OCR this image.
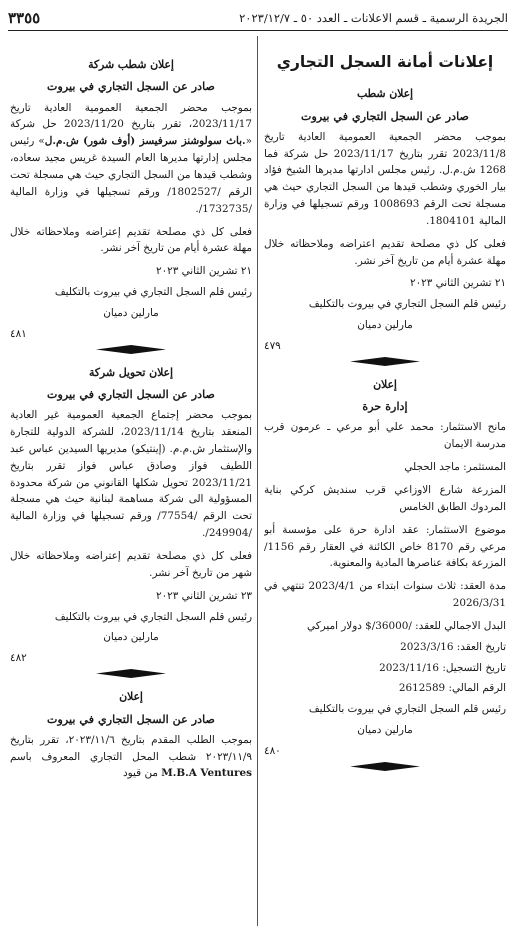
الجريدة الرسمية ـ قسم الاعلانات ـ العدد ٥٠ ـ ٢٠٢٣/١٢/٧
٣٣٥٥
إعلانات أمانة السجل التجاري

إعلان شطب

صادر عن السجل التجاري في بيروت

بموجب محضر الجمعية العمومية العادية تاريخ 2023/11/8 تقرر بتاريخ 2023/11/17 حل شركة فما 1268 ش.م.ل. رئيس مجلس ادارتها مديرها الشيخ فؤاد بيار الخوري وشطب قيدها من السجل التجاري حيث هي مسجلة تحت الرقم 1008693 ورقم تسجيلها في وزارة المالية 1804101.

فعلى كل ذي مصلحة تقديم اعتراضه وملاحظاته خلال مهلة عشرة أيام من تاريخ آخر نشر.

٢١ تشرين الثاني ٢٠٢٣

رئيس قلم السجل التجاري في بيروت بالتكليف

مارلين دميان

٤٧٩

إعلان

إدارة حرة

مانح الاستثمار: محمد علي أبو مرعي ـ عرمون قرب مدرسة الايمان

المستثمر: ماجد الحجلي

المزرعة شارع الاوزاعي قرب سنديش كركي بناية المردوك الطابق الخامس

موضوع الاستثمار: عقد ادارة حرة على مؤسسة أبو مرعي رقم 8170 خاص الكائنة في العقار رقم 1156/ المزرعة بكافة عناصرها المادية والمعنوية.

مدة العقد: ثلاث سنوات ابتداء من 2023/4/1 تنتهي في 2026/3/31

البدل الاجمالي للعقد: /36000/$ دولار اميركي

تاريخ العقد: 2023/3/16

تاريخ التسجيل: 2023/11/16

الرقم المالي: 2612589

رئيس قلم السجل التجاري في بيروت بالتكليف

مارلين دميان

٤٨٠

إعلان شطب شركة

صادر عن السجل التجاري في بيروت

بموجب محضر الجمعية العمومية العادية تاريخ 2023/11/17، تقرر بتاريخ 2023/11/20 حل شركة «باث سولوشنز سرفيسز (أوف شور) ش.م.ل.» رئيس مجلس إدارتها مديرها العام السيدة غريس مجيد سعاده، وشطب قيدها من السجل التجاري حيث هي مسجلة تحت الرقم /1802527/ ورقم تسجيلها في وزارة المالية /1732735/.

فعلى كل ذي مصلحة تقديم إعتراضه وملاحظاته خلال مهلة عشرة أيام من تاريخ آخر نشر.

٢١ تشرين الثاني ٢٠٢٣

رئيس قلم السجل التجاري في بيروت بالتكليف

مارلين دميان

٤٨١

إعلان تحويل شركة

صادر عن السجل التجاري في بيروت

بموجب محضر إجتماع الجمعية العمومية غير العادية المنعقد بتاريخ 2023/11/14، للشركة الدولية للتجارة والإستثمار ش.م.م. (إينتيكو) مديريها السيدين عباس عبد اللطيف فواز وصادق عباس فواز تقرر بتاريخ 2023/11/21 تحويل شكلها القانوني من شركة محدودة المسؤولية الى شركة مساهمة لبنانية حيث هي مسجلة تحت الرقم /77554/ ورقم تسجيلها في وزارة المالية /249904/.

فعلى كل ذي مصلحة تقديم إعتراضه وملاحظاته خلال شهر من تاريخ آخر نشر.

٢٣ تشرين الثاني ٢٠٢٣

رئيس قلم السجل التجاري في بيروت بالتكليف

مارلين دميان

٤٨٢

إعلان

صادر عن السجل التجاري في بيروت

بموجب الطلب المقدم بتاريخ ٢٠٢٣/١١/٦، تقرر بتاريخ ٢٠٢٣/١١/٩ شطب المحل التجاري المعروف باسم M.B.A Ventures من قيود
